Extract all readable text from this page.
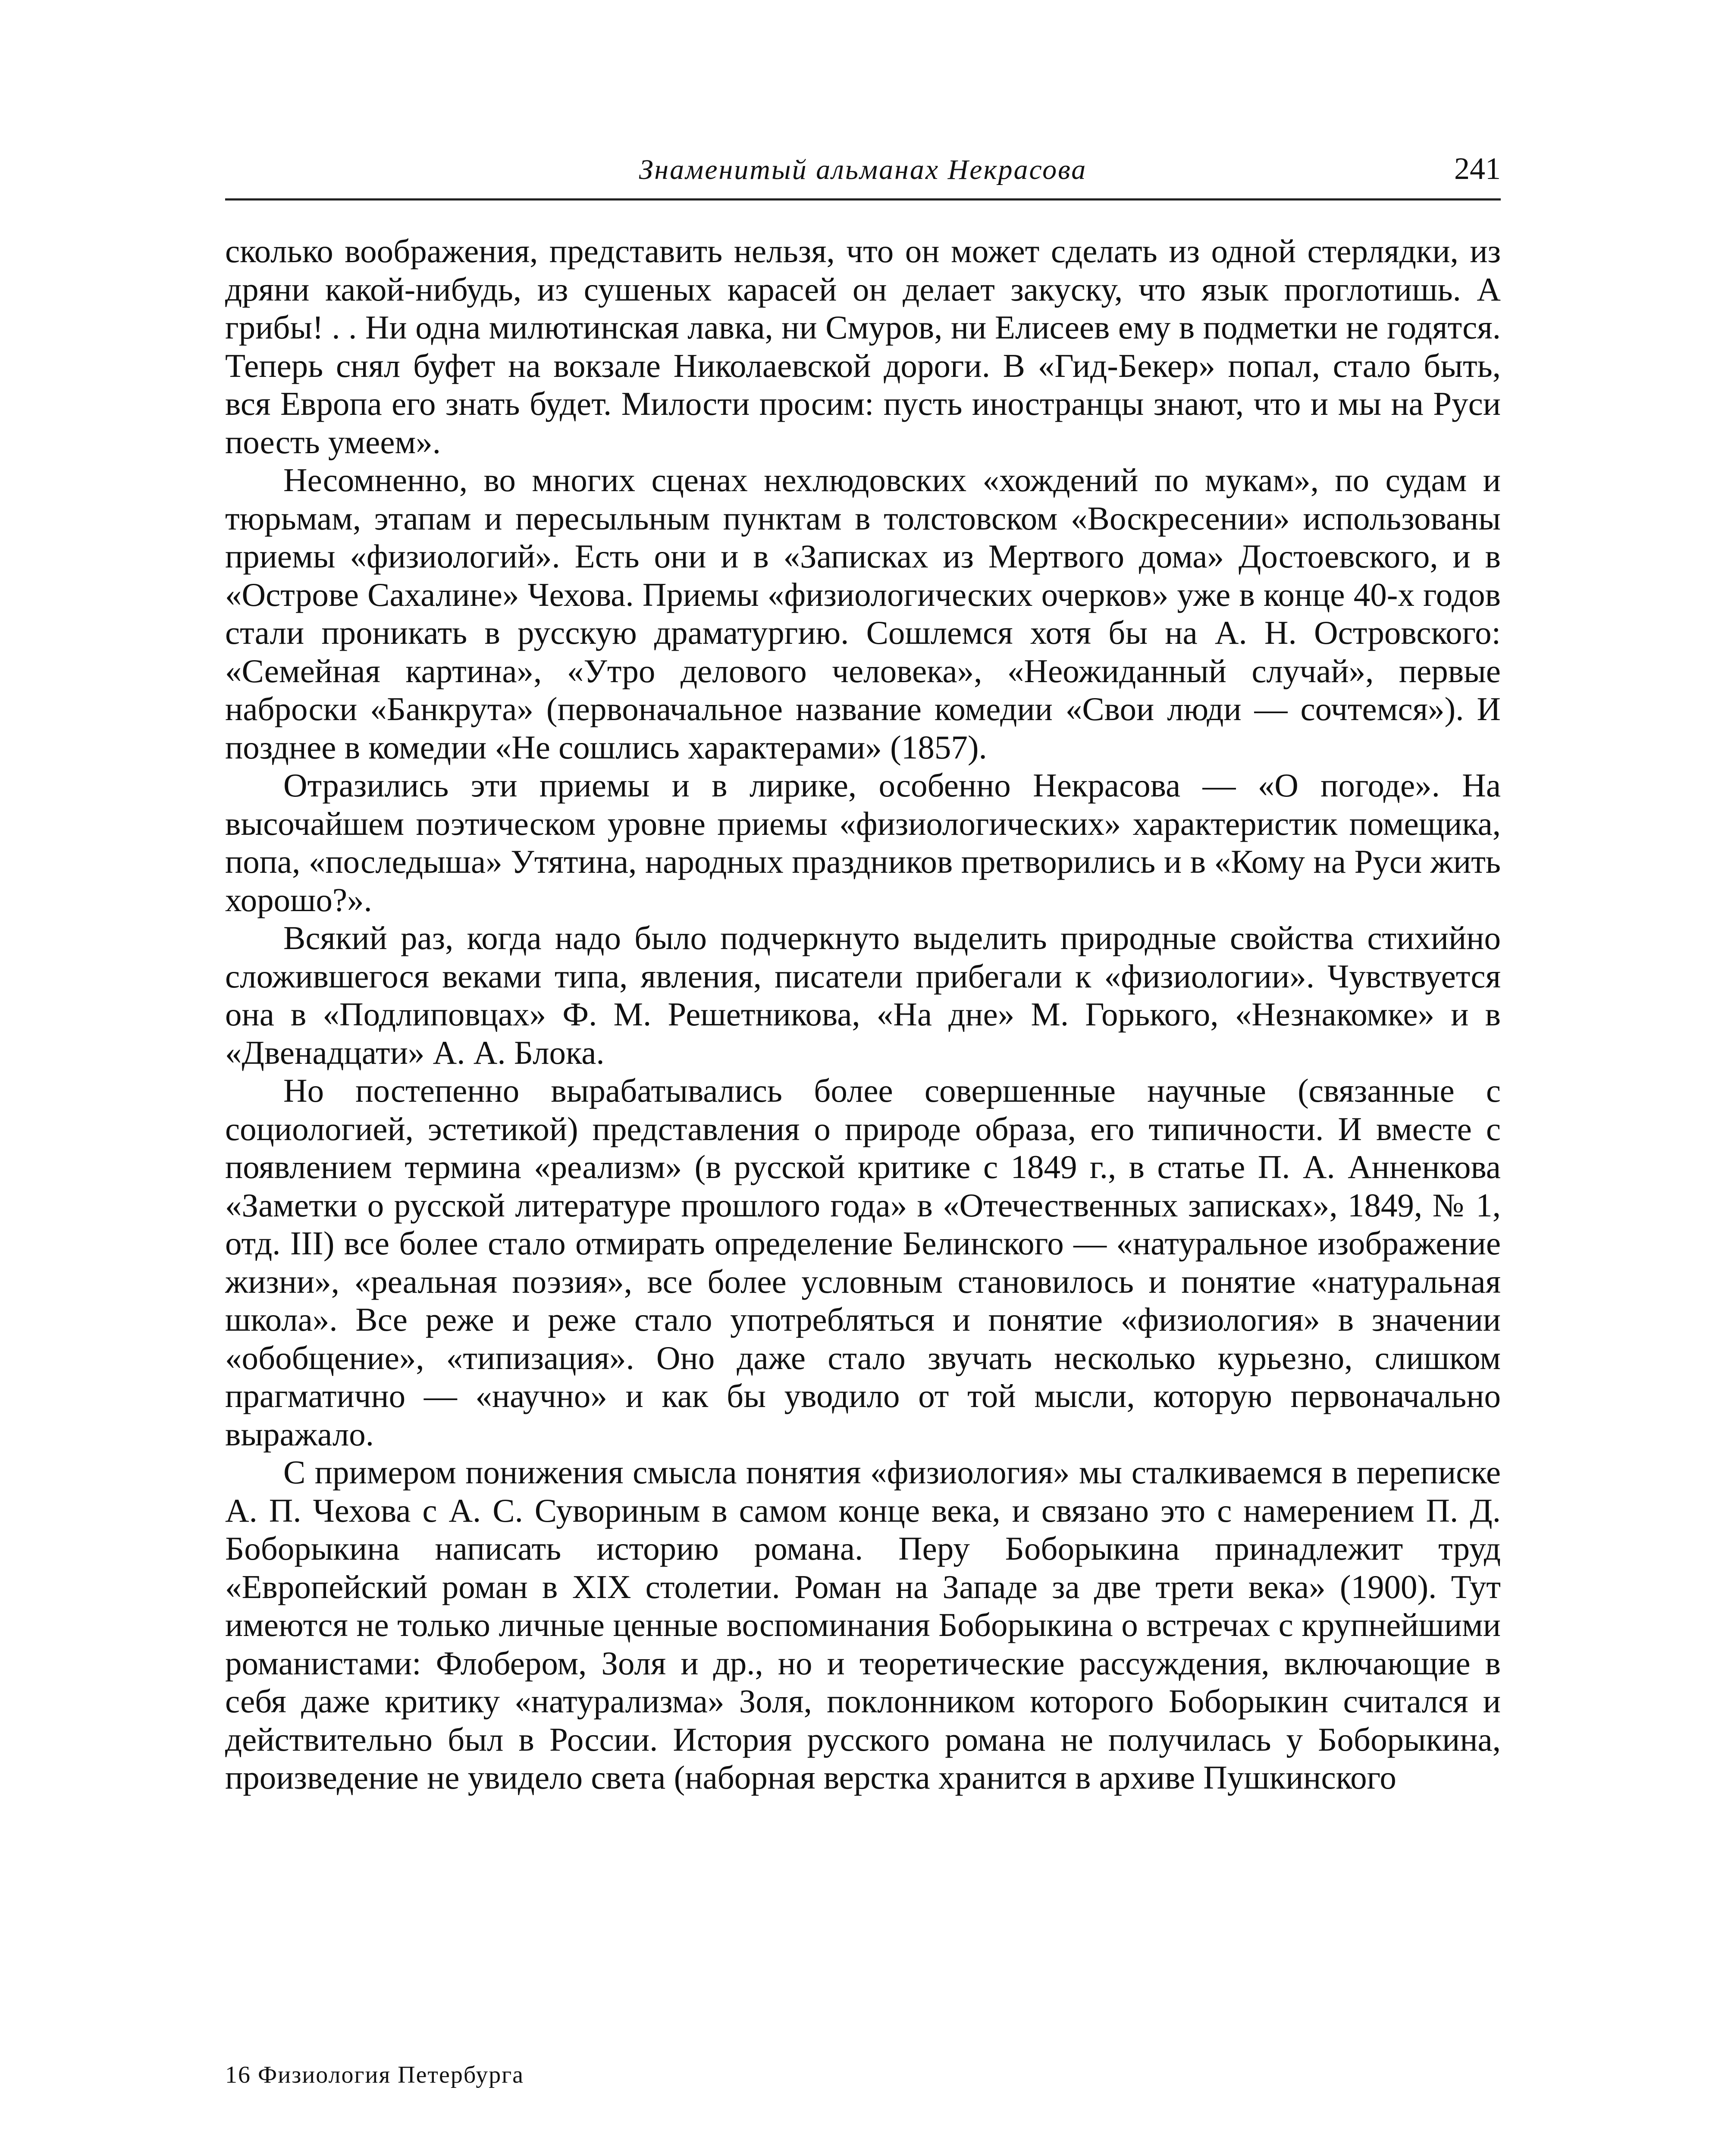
Знаменитый альманах Некрасова	241

сколько воображения, представить нельзя, что он может сделать из одной стерлядки, из дряни какой-нибудь, из сушеных карасей он делает закуску, что язык проглотишь. А грибы! . . Ни одна милютинская лавка, ни Смуров, ни Елисеев ему в подметки не годятся. Теперь снял буфет на вокзале Николаевской дороги. В «Гид-Бекер» попал, стало быть, вся Европа его знать будет. Милости просим: пусть иностранцы знают, что и мы на Руси поесть умеем».

Несомненно, во многих сценах нехлюдовских «хождений по мукам», по судам и тюрьмам, этапам и пересыльным пунктам в толстовском «Воскресении» использованы приемы «физиологий». Есть они и в «Записках из Мертвого дома» Достоевского, и в «Острове Сахалине» Чехова. Приемы «физиологических очерков» уже в конце 40-х годов стали проникать в русскую драматургию. Сошлемся хотя бы на А. Н. Островского: «Семейная картина», «Утро делового человека», «Неожиданный случай», первые наброски «Банкрута» (первоначальное название комедии «Свои люди — сочтемся»). И позднее в комедии «Не сошлись характерами» (1857).

Отразились эти приемы и в лирике, особенно Некрасова — «О погоде». На высочайшем поэтическом уровне приемы «физиологических» характеристик помещика, попа, «последыша» Утятина, народных праздников претворились и в «Кому на Руси жить хорошо?».

Всякий раз, когда надо было подчеркнуто выделить природные свойства стихийно сложившегося веками типа, явления, писатели прибегали к «физиологии». Чувствуется она в «Подлиповцах» Ф. М. Решетникова, «На дне» М. Горького, «Незнакомке» и в «Двенадцати» А. А. Блока.

Но постепенно вырабатывались более совершенные научные (связанные с социологией, эстетикой) представления о природе образа, его типичности. И вместе с появлением термина «реализм» (в русской критике с 1849 г., в статье П. А. Анненкова «Заметки о русской литературе прошлого года» в «Отечественных записках», 1849, № 1, отд. III) все более стало отмирать определение Белинского — «натуральное изображение жизни», «реальная поэзия», все более условным становилось и понятие «натуральная школа». Все реже и реже стало употребляться и понятие «физиология» в значении «обобщение», «типизация». Оно даже стало звучать несколько курьезно, слишком прагматично — «научно» и как бы уводило от той мысли, которую первоначально выражало.

С примером понижения смысла понятия «физиология» мы сталкиваемся в переписке А. П. Чехова с А. С. Сувориным в самом конце века, и связано это с намерением П. Д. Боборыкина написать историю романа. Перу Боборыкина принадлежит труд «Европейский роман в XIX столетии. Роман на Западе за две трети века» (1900). Тут имеются не только личные ценные воспоминания Боборыкина о встречах с крупнейшими романистами: Флобером, Золя и др., но и теоретические рассуждения, включающие в себя даже критику «натурализма» Золя, поклонником которого Боборыкин считался и действительно был в России. История русского романа не получилась у Боборыкина, произведение не увидело света (наборная верстка хранится в архиве Пушкинского

16 Физиология Петербурга
